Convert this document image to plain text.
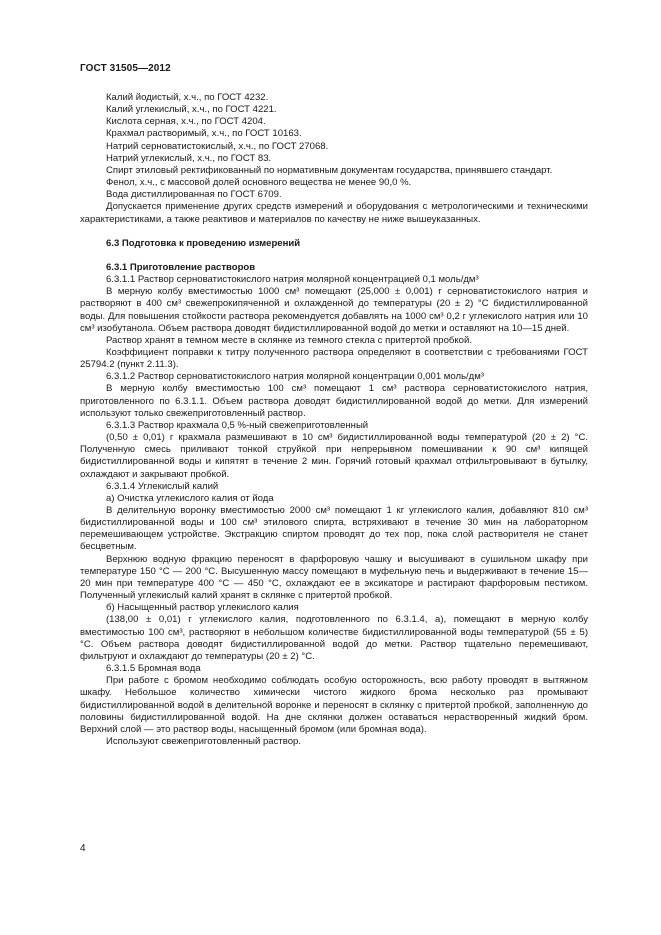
ГОСТ 31505—2012

Калий йодистый, х.ч., по ГОСТ 4232.

Калий углекислый, х.ч., по ГОСТ 4221.

Кислота серная, х.ч., по ГОСТ 4204.

Крахмал растворимый, х.ч., по ГОСТ 10163.

Натрий серноватистокислый, х.ч., по ГОСТ 27068.

Натрий углекислый, х.ч., по ГОСТ 83.

Спирт этиловый ректификованный по нормативным документам государства, принявшего стандарт.

Фенол, х.ч., с массовой долей основного вещества не менее 90,0 %.

Вода дистиллированная по ГОСТ 6709.

Допускается применение других средств измерений и оборудования с метрологическими и техническими характеристиками, а также реактивов и материалов по качеству не ниже вышеуказанных.

6.3 Подготовка к проведению измерений

6.3.1 Приготовление растворов

6.3.1.1 Раствор серноватистокислого натрия молярной концентрацией 0,1 моль/дм³

В мерную колбу вместимостью 1000 см³ помещают (25,000 ± 0,001) г серноватистокислого натрия и растворяют в 400 см³ свежепрокипяченной и охлажденной до температуры (20 ± 2) °С бидистиллированной воды. Для повышения стойкости раствора рекомендуется добавлять на 1000 см³ 0,2 г углекислого натрия или 10 см³ изобутанола. Объем раствора доводят бидистиллированной водой до метки и оставляют на 10—15 дней.

Раствор хранят в темном месте в склянке из темного стекла с притертой пробкой.

Коэффициент поправки к титру полученного раствора определяют в соответствии с требованиями ГОСТ 25794.2 (пункт 2.11.3).

6.3.1.2 Раствор серноватистокислого натрия молярной концентрации 0,001 моль/дм³

В мерную колбу вместимостью 100 см³ помещают 1 см³ раствора серноватистокислого натрия, приготовленного по 6.3.1.1. Объем раствора доводят бидистиллированной водой до метки. Для измерений используют только свежеприготовленный раствор.

6.3.1.3 Раствор крахмала 0,5 %-ный свежеприготовленный

(0,50 ± 0,01) г крахмала размешивают в 10 см³ бидистиллированной воды температурой (20 ± 2) °С. Полученную смесь приливают тонкой струйкой при непрерывном помешивании к 90 см³ кипящей бидистиллированной воды и кипятят в течение 2 мин. Горячий готовый крахмал отфильтровывают в бутылку, охлаждают и закрывают пробкой.

6.3.1.4 Углекислый калий

а) Очистка углекислого калия от йода

В делительную воронку вместимостью 2000 см³ помещают 1 кг углекислого калия, добавляют 810 см³ бидистиллированной воды и 100 см³ этилового спирта, встряхивают в течение 30 мин на лабораторном перемешивающем устройстве. Экстракцию спиртом проводят до тех пор, пока слой растворителя не станет бесцветным.

Верхнюю водную фракцию переносят в фарфоровую чашку и высушивают в сушильном шкафу при температуре 150 °С — 200 °С. Высушенную массу помещают в муфельную печь и выдерживают в течение 15—20 мин при температуре 400 °С — 450 °С, охлаждают ее в эксикаторе и растирают фарфоровым пестиком. Полученный углекислый калий хранят в склянке с притертой пробкой.

б) Насыщенный раствор углекислого калия

(138,00 ± 0,01) г углекислого калия, подготовленного по 6.3.1.4, а), помещают в мерную колбу вместимостью 100 см³, растворяют в небольшом количестве бидистиллированной воды температурой (55 ± 5) °С. Объем раствора доводят бидистиллированной водой до метки. Раствор тщательно перемешивают, фильтруют и охлаждают до температуры (20 ± 2) °С.

6.3.1.5 Бромная вода

При работе с бромом необходимо соблюдать особую осторожность, всю работу проводят в вытяжном шкафу. Небольшое количество химически чистого жидкого брома несколько раз промывают бидистиллированной водой в делительной воронке и переносят в склянку с притертой пробкой, заполненную до половины бидистиллированной водой. На дне склянки должен оставаться нерастворенный жидкий бром. Верхний слой — это раствор воды, насыщенный бромом (или бромная вода).

Используют свежеприготовленный раствор.

4
